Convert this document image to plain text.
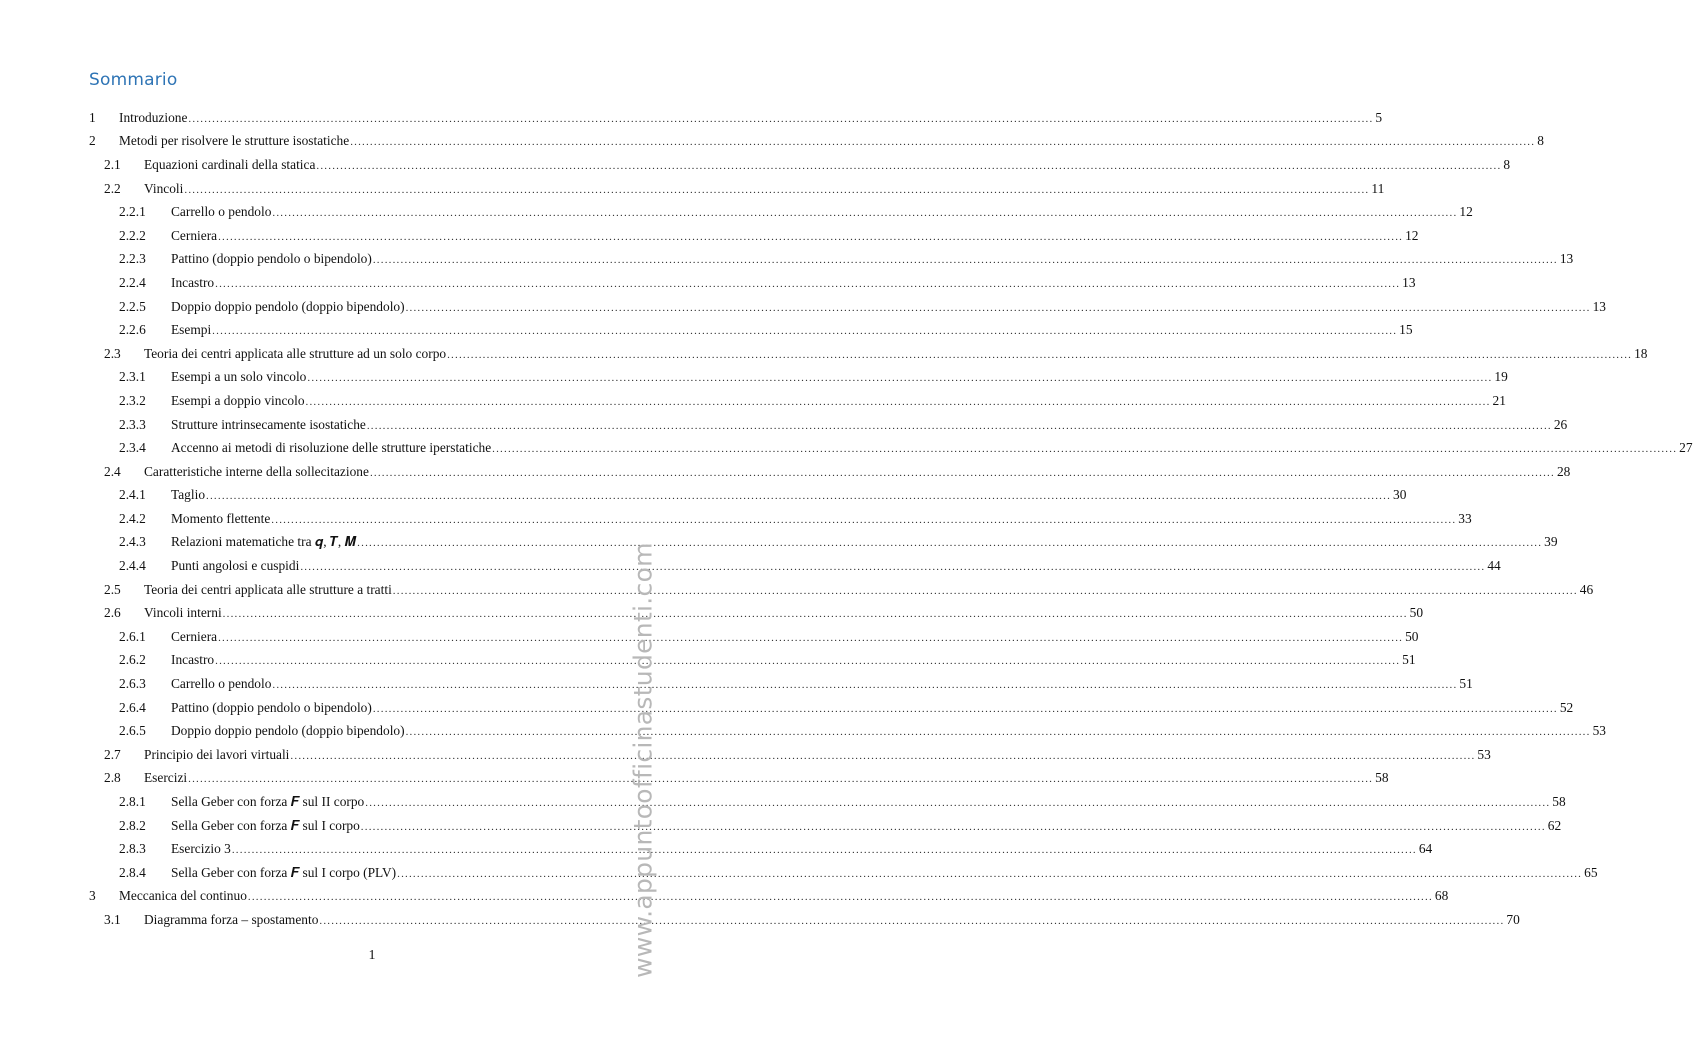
Sommario
1 Introduzione ............................................................................................................................................................................................................................................................................................................ 5
2 Metodi per risolvere le strutture isostatiche ............................................................................................................................................................................................................................................................................................................ 8
2.1 Equazioni cardinali della statica ............................................................................................................................................................................................................................................................................................................ 8
2.2 Vincoli ............................................................................................................................................................................................................................................................................................................ 11
2.2.1 Carrello o pendolo ............................................................................................................................................................................................................................................................................................................ 12
2.2.2 Cerniera ............................................................................................................................................................................................................................................................................................................ 12
2.2.3 Pattino (doppio pendolo o bipendolo) ............................................................................................................................................................................................................................................................................................................ 13
2.2.4 Incastro ............................................................................................................................................................................................................................................................................................................ 13
2.2.5 Doppio doppio pendolo (doppio bipendolo) ............................................................................................................................................................................................................................................................................................................ 13
2.2.6 Esempi ............................................................................................................................................................................................................................................................................................................ 15
2.3 Teoria dei centri applicata alle strutture ad un solo corpo ............................................................................................................................................................................................................................................................................................................ 18
2.3.1 Esempi a un solo vincolo ............................................................................................................................................................................................................................................................................................................ 19
2.3.2 Esempi a doppio vincolo ............................................................................................................................................................................................................................................................................................................ 21
2.3.3 Strutture intrinsecamente isostatiche ............................................................................................................................................................................................................................................................................................................ 26
2.3.4 Accenno ai metodi di risoluzione delle strutture iperstatiche ............................................................................................................................................................................................................................................................................................................ 27
2.4 Caratteristiche interne della sollecitazione ............................................................................................................................................................................................................................................................................................................ 28
2.4.1 Taglio ............................................................................................................................................................................................................................................................................................................ 30
2.4.2 Momento flettente ............................................................................................................................................................................................................................................................................................................ 33
2.4.3 Relazioni matematiche tra 𝒒, 𝑻, 𝑴 ............................................................................................................................................................................................................................................................................................................ 39
2.4.4 Punti angolosi e cuspidi ............................................................................................................................................................................................................................................................................................................ 44
2.5 Teoria dei centri applicata alle strutture a tratti ............................................................................................................................................................................................................................................................................................................ 46
2.6 Vincoli interni ............................................................................................................................................................................................................................................................................................................ 50
2.6.1 Cerniera ............................................................................................................................................................................................................................................................................................................ 50
2.6.2 Incastro ............................................................................................................................................................................................................................................................................................................ 51
2.6.3 Carrello o pendolo ............................................................................................................................................................................................................................................................................................................ 51
2.6.4 Pattino (doppio pendolo o bipendolo) ............................................................................................................................................................................................................................................................................................................ 52
2.6.5 Doppio doppio pendolo (doppio bipendolo) ............................................................................................................................................................................................................................................................................................................ 53
2.7 Principio dei lavori virtuali ............................................................................................................................................................................................................................................................................................................ 53
2.8 Esercizi ............................................................................................................................................................................................................................................................................................................ 58
2.8.1 Sella Geber con forza 𝑭 sul II corpo ............................................................................................................................................................................................................................................................................................................ 58
2.8.2 Sella Geber con forza 𝑭 sul I corpo ............................................................................................................................................................................................................................................................................................................ 62
2.8.3 Esercizio 3 ............................................................................................................................................................................................................................................................................................................ 64
2.8.4 Sella Geber con forza 𝑭 sul I corpo (PLV) ............................................................................................................................................................................................................................................................................................................ 65
3 Meccanica del continuo ............................................................................................................................................................................................................................................................................................................ 68
3.1 Diagramma forza – spostamento ............................................................................................................................................................................................................................................................................................................ 70
1	www.appuntoofficinastudenti.com
